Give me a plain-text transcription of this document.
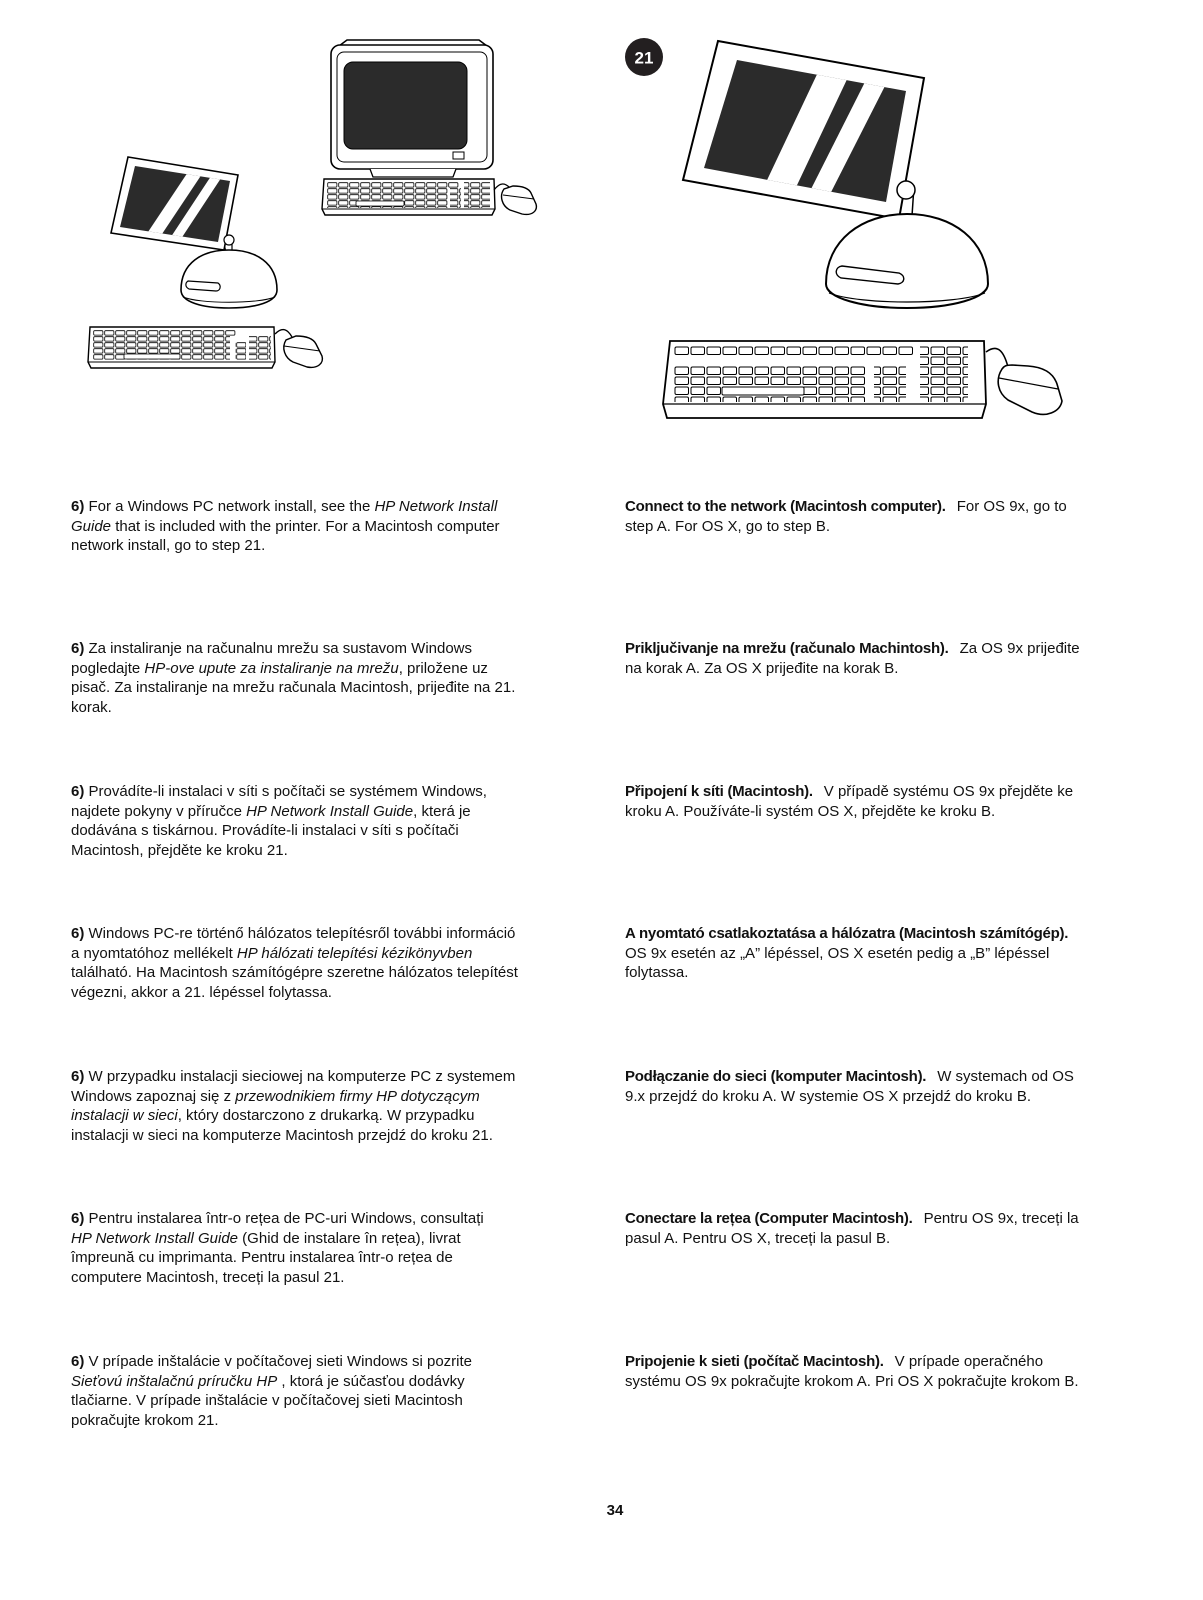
21
6) For a Windows PC network install, see the HP Network Install
Guide that is included with the printer. For a Macintosh computer
network install, go to step 21.
Connect to the network (Macintosh computer). For OS 9x, go to
step A. For OS X, go to step B.
6) Za instaliranje na računalnu mrežu sa sustavom Windows
pogledajte HP-ove upute za instaliranje na mrežu, priložene uz
pisač. Za instaliranje na mrežu računala Macintosh, prijeđite na 21.
korak.
Priključivanje na mrežu (računalo Machintosh). Za OS 9x prijeđite
na korak A. Za OS X prijeđite na korak B.
6) Provádíte-li instalaci v síti s počítači se systémem Windows,
najdete pokyny v příručce HP Network Install Guide, která je
dodávána s tiskárnou. Provádíte-li instalaci v síti s počítači
Macintosh, přejděte ke kroku 21.
Připojení k síti (Macintosh). V případě systému OS 9x přejděte ke
kroku A. Používáte-li systém OS X, přejděte ke kroku B.
6) Windows PC-re történő hálózatos telepítésről további információ
a nyomtatóhoz mellékelt HP hálózati telepítési kézikönyvben
található. Ha Macintosh számítógépre szeretne hálózatos telepítést
végezni, akkor a 21. lépéssel folytassa.
A nyomtató csatlakoztatása a hálózatra (Macintosh számítógép).
OS 9x esetén az „A” lépéssel, OS X esetén pedig a „B” lépéssel
folytassa.
6) W przypadku instalacji sieciowej na komputerze PC z systemem
Windows zapoznaj się z przewodnikiem firmy HP dotyczącym
instalacji w sieci, który dostarczono z drukarką. W przypadku
instalacji w sieci na komputerze Macintosh przejdź do kroku 21.
Podłączanie do sieci (komputer Macintosh). W systemach od OS
9.x przejdź do kroku A. W systemie OS X przejdź do kroku B.
6) Pentru instalarea într-o rețea de PC-uri Windows, consultați
HP Network Install Guide (Ghid de instalare în rețea), livrat
împreună cu imprimanta. Pentru instalarea într-o rețea de
computere Macintosh, treceți la pasul 21.
Conectare la rețea (Computer Macintosh). Pentru OS 9x, treceți la
pasul A. Pentru OS X, treceți la pasul B.
6) V prípade inštalácie v počítačovej sieti Windows si pozrite
Sieťovú inštalačnú príručku HP , ktorá je súčasťou dodávky
tlačiarne. V prípade inštalácie v počítačovej sieti Macintosh
pokračujte krokom 21.
Pripojenie k sieti (počítač Macintosh). V prípade operačného
systému OS 9x pokračujte krokom A. Pri OS X pokračujte krokom B.
34
